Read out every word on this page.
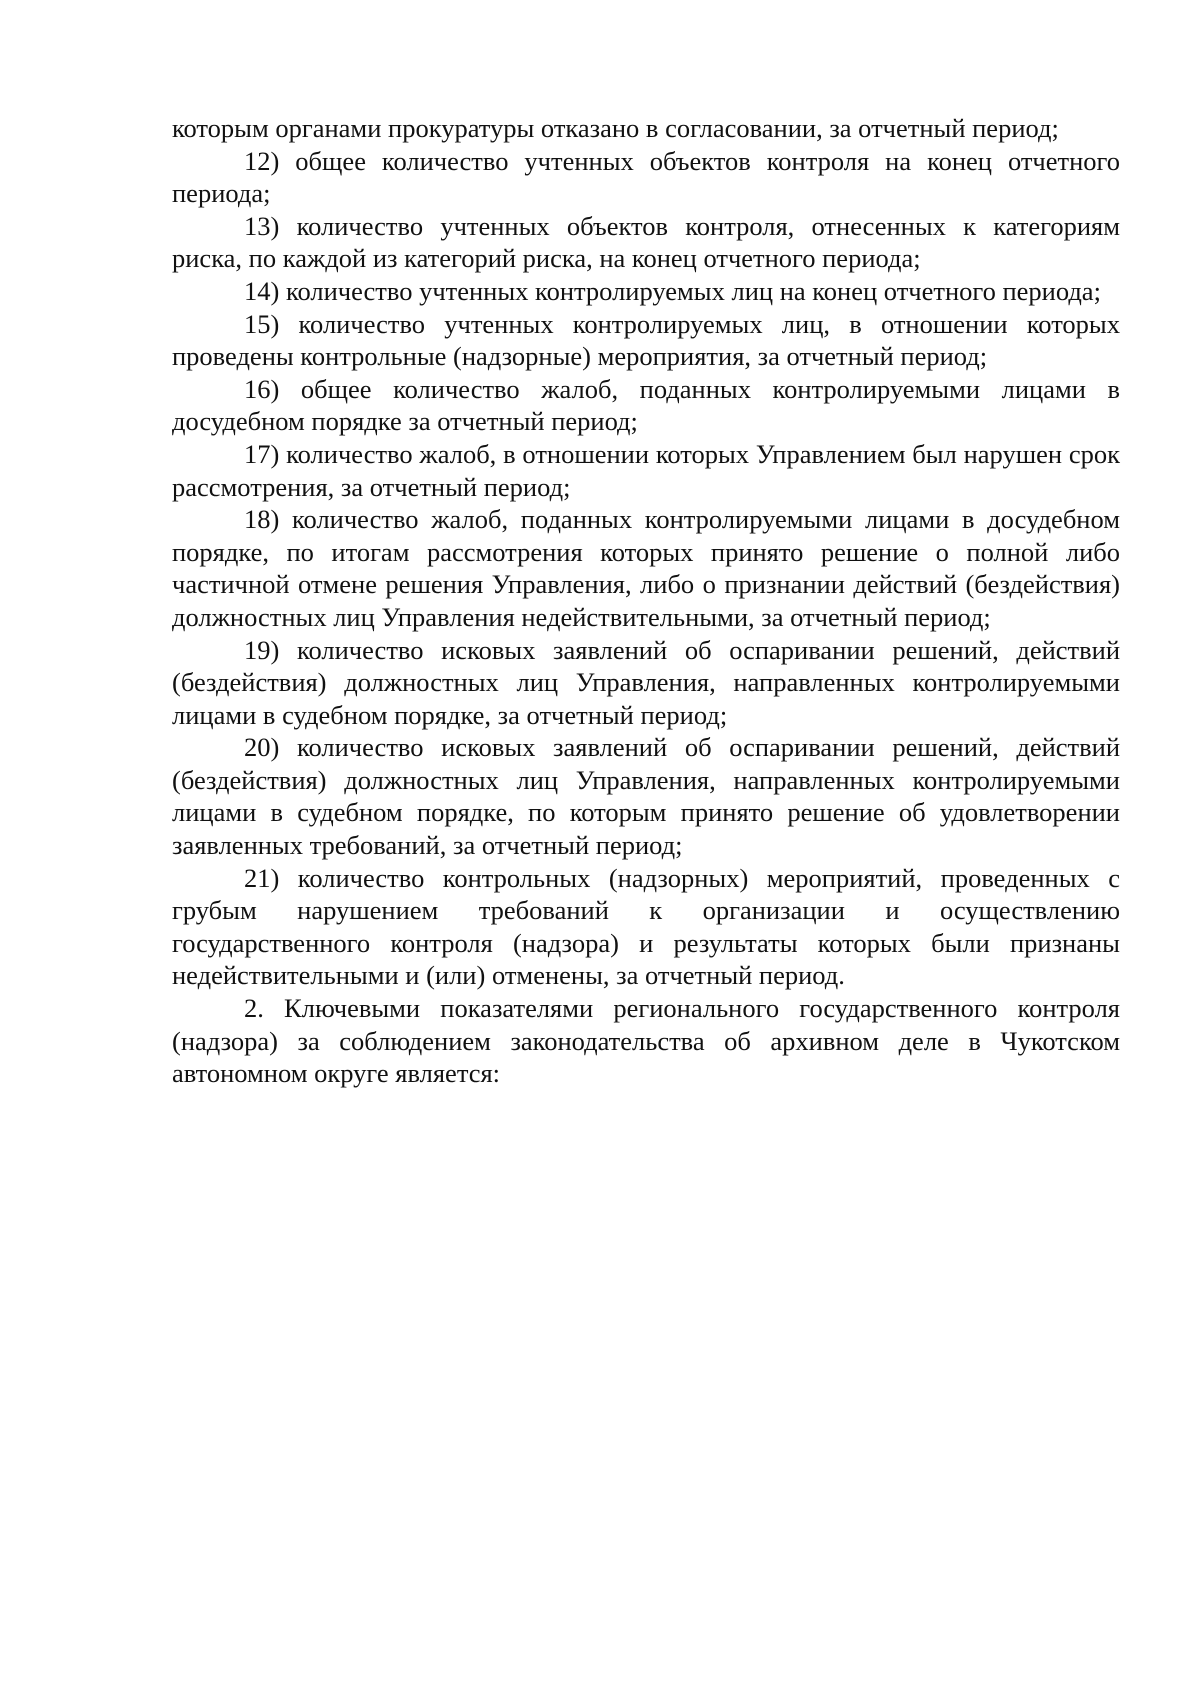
которым органами прокуратуры отказано в согласовании, за отчетный период;

12) общее количество учтенных объектов контроля на конец отчетного периода;

13) количество учтенных объектов контроля, отнесенных к категориям риска, по каждой из категорий риска, на конец отчетного периода;

14) количество учтенных контролируемых лиц на конец отчетного периода;

15) количество учтенных контролируемых лиц, в отношении которых проведены контрольные (надзорные) мероприятия, за отчетный период;

16) общее количество жалоб, поданных контролируемыми лицами в досудебном порядке за отчетный период;

17) количество жалоб, в отношении которых Управлением был нарушен срок рассмотрения, за отчетный период;

18) количество жалоб, поданных контролируемыми лицами в досудебном порядке, по итогам рассмотрения которых принято решение о полной либо частичной отмене решения Управления, либо о признании действий (бездействия) должностных лиц Управления недействительными, за отчетный период;

19) количество исковых заявлений об оспаривании решений, действий (бездействия) должностных лиц Управления, направленных контролируемыми лицами в судебном порядке, за отчетный период;

20) количество исковых заявлений об оспаривании решений, действий (бездействия) должностных лиц Управления, направленных контролируемыми лицами в судебном порядке, по которым принято решение об удовлетворении заявленных требований, за отчетный период;

21) количество контрольных (надзорных) мероприятий, проведенных с грубым нарушением требований к организации и осуществлению государственного контроля (надзора) и результаты которых были признаны недействительными и (или) отменены, за отчетный период.

2. Ключевыми показателями регионального государственного контроля (надзора) за соблюдением законодательства об архивном деле в Чукотском автономном округе является:
